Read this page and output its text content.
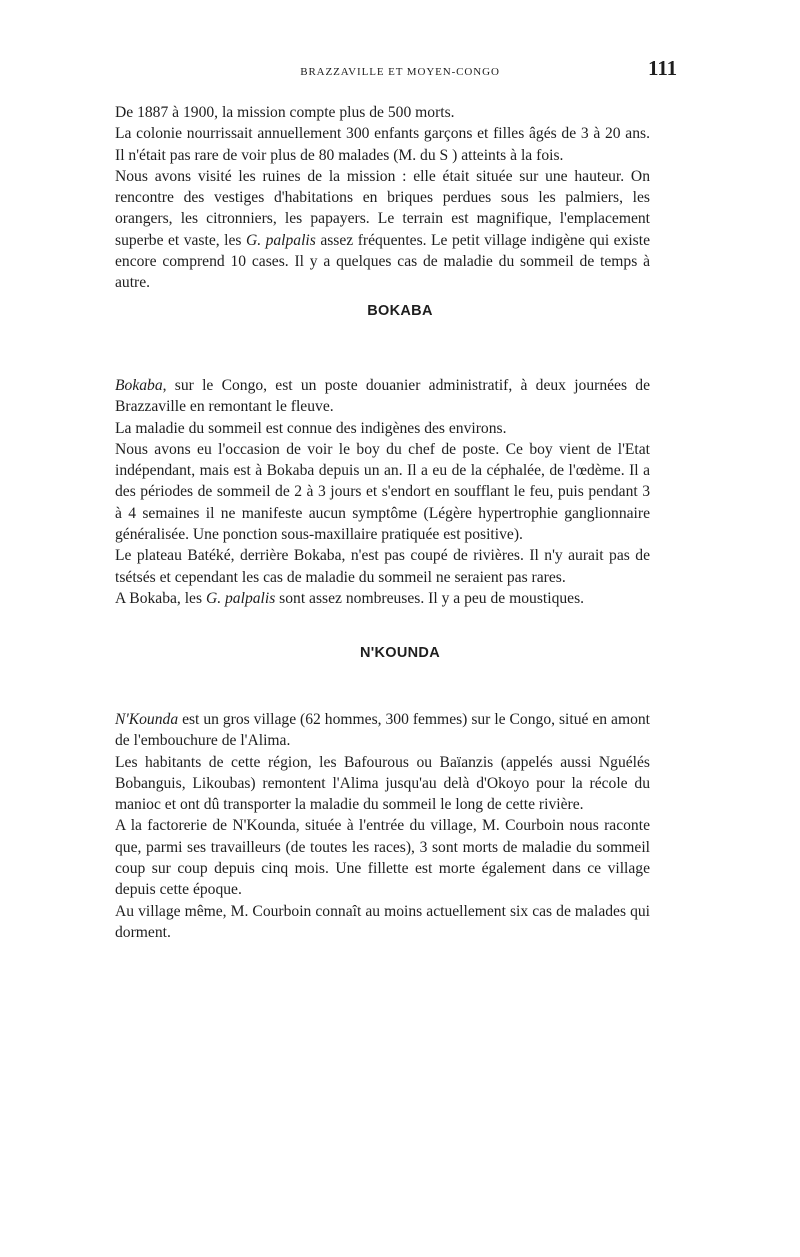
BRAZZAVILLE ET MOYEN-CONGO	111

De 1887 à 1900, la mission compte plus de 500 morts.

La colonie nourrissait annuellement 300 enfants garçons et filles âgés de 3 à 20 ans. Il n'était pas rare de voir plus de 80 malades (M. du S ) atteints à la fois.

Nous avons visité les ruines de la mission : elle était située sur une hauteur. On rencontre des vestiges d'habitations en briques perdues sous les palmiers, les orangers, les citronniers, les papayers. Le terrain est magnifique, l'emplacement superbe et vaste, les G. palpalis assez fréquentes. Le petit village indigène qui existe encore comprend 10 cases. Il y a quelques cas de maladie du sommeil de temps à autre.

BOKABA

Bokaba, sur le Congo, est un poste douanier administratif, à deux journées de Brazzaville en remontant le fleuve.

La maladie du sommeil est connue des indigènes des environs.

Nous avons eu l'occasion de voir le boy du chef de poste. Ce boy vient de l'Etat indépendant, mais est à Bokaba depuis un an. Il a eu de la céphalée, de l'œdème. Il a des périodes de sommeil de 2 à 3 jours et s'endort en soufflant le feu, puis pendant 3 à 4 semaines il ne manifeste aucun symptôme (Légère hypertrophie ganglionnaire généralisée. Une ponction sous-maxillaire pratiquée est positive).

Le plateau Batéké, derrière Bokaba, n'est pas coupé de rivières. Il n'y aurait pas de tsétsés et cependant les cas de maladie du sommeil ne seraient pas rares.

A Bokaba, les G. palpalis sont assez nombreuses. Il y a peu de moustiques.

N'KOUNDA

N'Kounda est un gros village (62 hommes, 300 femmes) sur le Congo, situé en amont de l'embouchure de l'Alima.

Les habitants de cette région, les Bafourous ou Baïanzis (appelés aussi Nguélés Bobanguis, Likoubas) remontent l'Alima jusqu'au delà d'Okoyo pour la récole du manioc et ont dû transporter la maladie du sommeil le long de cette rivière.

A la factorerie de N'Kounda, située à l'entrée du village, M. Courboin nous raconte que, parmi ses travailleurs (de toutes les races), 3 sont morts de maladie du sommeil coup sur coup depuis cinq mois. Une fillette est morte également dans ce village depuis cette époque.

Au village même, M. Courboin connaît au moins actuellement six cas de malades qui dorment.
